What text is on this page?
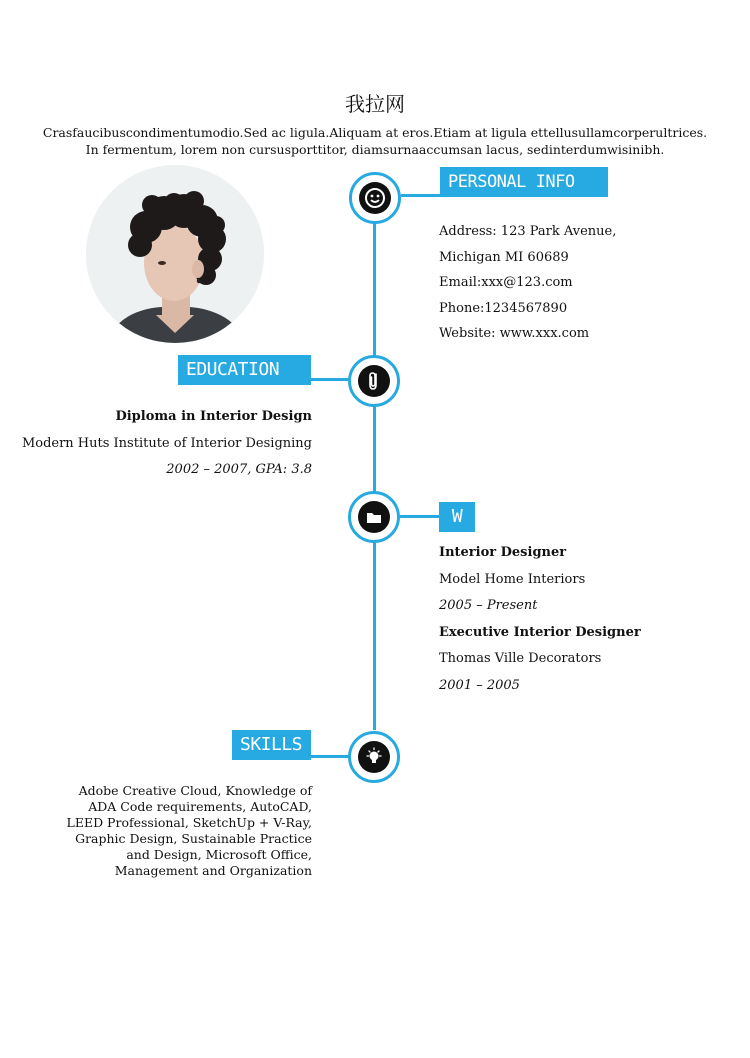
我拉网
Crasfaucibuscondimentumodio.Sed ac ligula.Aliquam at eros.Etiam at ligula ettellusullamcorperultrices.
In fermentum, lorem non cursusporttitor, diamsurnaaccumsan lacus, sedinterdumwisinibh.
PERSONAL INFO
Address: 123 Park Avenue,
Michigan MI 60689
Email:xxx@123.com
Phone:1234567890
Website: www.xxx.com
EDUCATION
Diploma in Interior Design
Modern Huts Institute of Interior Designing
2002 – 2007, GPA: 3.8
W
Interior Designer
Model Home Interiors
2005 – Present
Executive Interior Designer
Thomas Ville Decorators
2001 – 2005
SKILLS
Adobe Creative Cloud, Knowledge of ADA Code requirements, AutoCAD, LEED Professional, SketchUp + V-Ray, Graphic Design, Sustainable Practice and Design, Microsoft Office, Management and Organization
